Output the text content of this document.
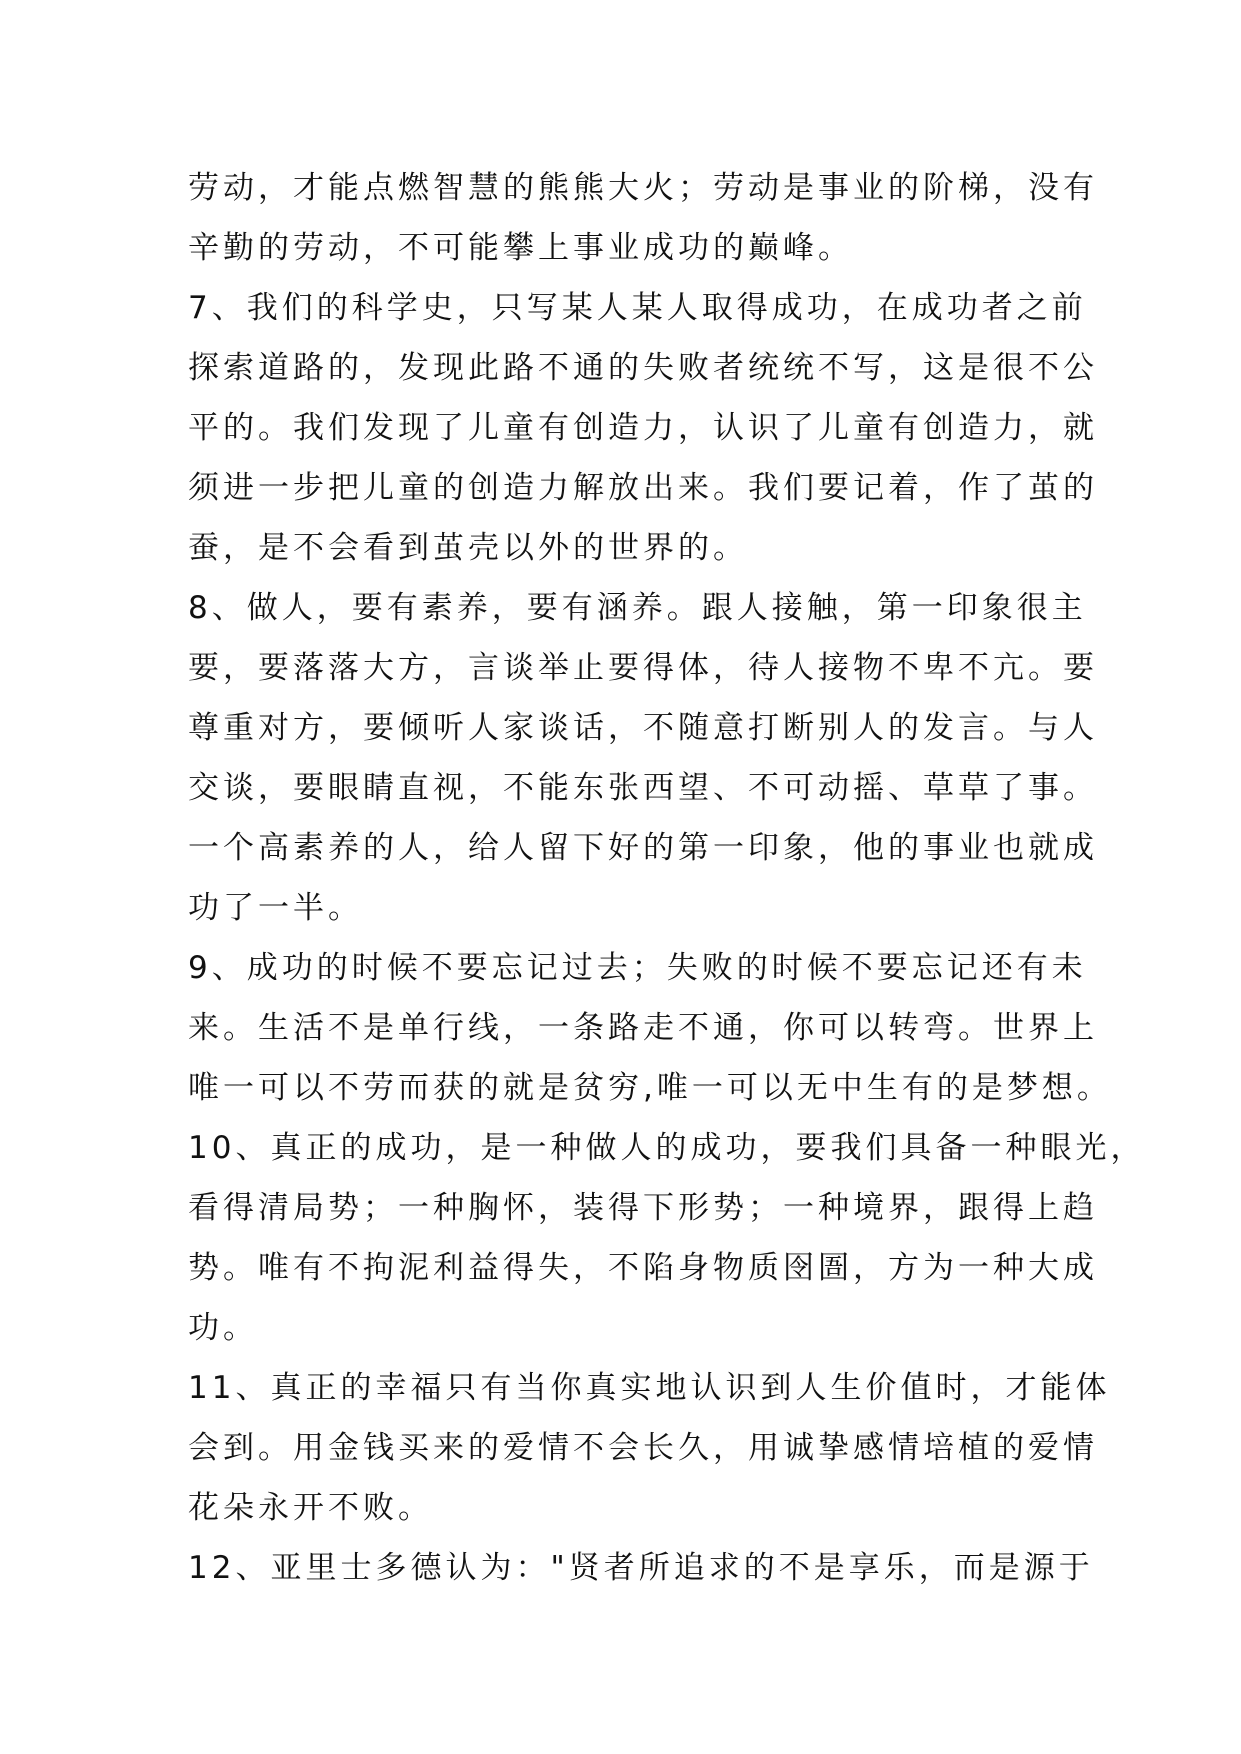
劳动，才能点燃智慧的熊熊大火；劳动是事业的阶梯，没有
辛勤的劳动，不可能攀上事业成功的巅峰。
7、我们的科学史，只写某人某人取得成功，在成功者之前
探索道路的，发现此路不通的失败者统统不写，这是很不公
平的。我们发现了儿童有创造力，认识了儿童有创造力，就
须进一步把儿童的创造力解放出来。我们要记着，作了茧的
蚕，是不会看到茧壳以外的世界的。
8、做人，要有素养，要有涵养。跟人接触，第一印象很主
要，要落落大方，言谈举止要得体，待人接物不卑不亢。要
尊重对方，要倾听人家谈话，不随意打断别人的发言。与人
交谈，要眼睛直视，不能东张西望、不可动摇、草草了事。
一个高素养的人，给人留下好的第一印象，他的事业也就成
功了一半。
9、成功的时候不要忘记过去；失败的时候不要忘记还有未
来。生活不是单行线，一条路走不通，你可以转弯。世界上
唯一可以不劳而获的就是贫穷,唯一可以无中生有的是梦想。
10、真正的成功，是一种做人的成功，要我们具备一种眼光，
看得清局势；一种胸怀，装得下形势；一种境界，跟得上趋
势。唯有不拘泥利益得失，不陷身物质囹圄，方为一种大成
功。
11、真正的幸福只有当你真实地认识到人生价值时，才能体
会到。用金钱买来的爱情不会长久，用诚挚感情培植的爱情
花朵永开不败。
12、亚里士多德认为："贤者所追求的不是享乐，而是源于
